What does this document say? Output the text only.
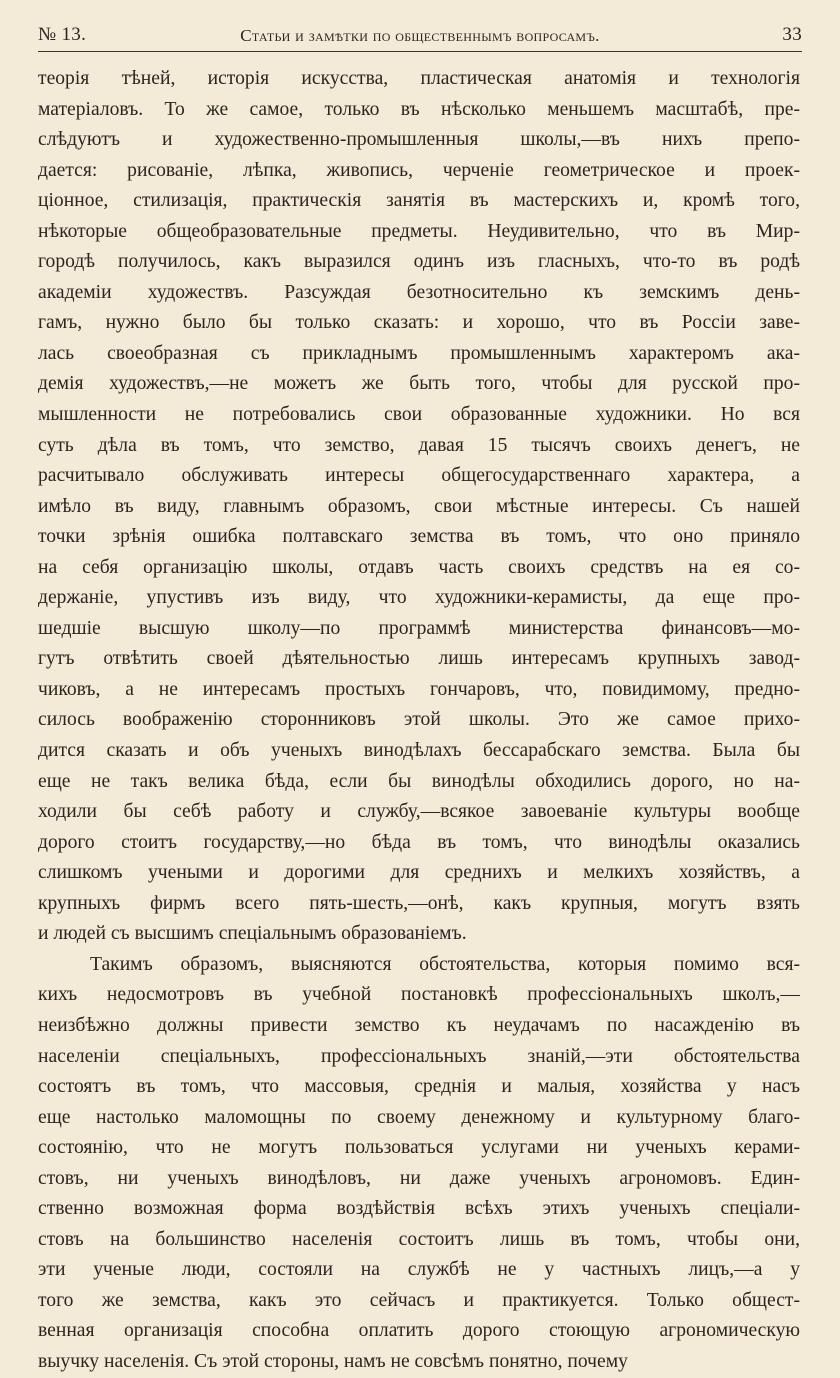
№ 13.	Статьи и замѣтки по общественнымъ вопросамъ.	33
теорія тѣней, исторія искусства, пластическая анатомія и технологія
матеріаловъ. То же самое, только въ нѣсколько меньшемъ масштабѣ, пре-
слѣдуютъ и художественно-промышленныя школы,—въ нихъ препо-
дается: рисованіе, лѣпка, живопись, черченіе геометрическое и проек-
ціонное, стилизація, практическія занятія въ мастерскихъ и, кромѣ того,
нѣкоторые общеобразовательные предметы. Неудивительно, что въ Мир-
городѣ получилось, какъ выразился одинъ изъ гласныхъ, что-то въ родѣ
академіи художествъ. Разсуждая безотносительно къ земскимъ день-
гамъ, нужно было бы только сказать: и хорошо, что въ Россіи заве-
лась своеобразная съ прикладнымъ промышленнымъ характеромъ ака-
демія художествъ,—не можетъ же быть того, чтобы для русской про-
мышленности не потребовались свои образованные художники. Но вся
суть дѣла въ томъ, что земство, давая 15 тысячъ своихъ денегъ, не
расчитывало обслуживать интересы общегосударственнаго характера, а
имѣло въ виду, главнымъ образомъ, свои мѣстные интересы. Съ нашей
точки зрѣнія ошибка полтавскаго земства въ томъ, что оно приняло
на себя организацію школы, отдавъ часть своихъ средствъ на ея со-
держаніе, упустивъ изъ виду, что художники-керамисты, да еще про-
шедшіе высшую школу—по программѣ министерства финансовъ—мо-
гутъ отвѣтить своей дѣятельностью лишь интересамъ крупныхъ завод-
чиковъ, а не интересамъ простыхъ гончаровъ, что, повидимому, предно-
силось воображенію сторонниковъ этой школы. Это же самое прихо-
дится сказать и объ ученыхъ винодѣлахъ бессарабскаго земства. Была бы
еще не такъ велика бѣда, если бы винодѣлы обходились дорого, но на-
ходили бы себѣ работу и службу,—всякое завоеваніе культуры вообще
дорого стоитъ государству,—но бѣда въ томъ, что винодѣлы оказались
слишкомъ учеными и дорогими для среднихъ и мелкихъ хозяйствъ, а
крупныхъ фирмъ всего пять-шесть,—онѣ, какъ крупныя, могутъ взять
и людей съ высшимъ спеціальнымъ образованіемъ.
Такимъ образомъ, выясняются обстоятельства, которыя помимо вся-
кихъ недосмотровъ въ учебной постановкѣ профессіональныхъ школъ,—
неизбѣжно должны привести земство къ неудачамъ по насажденію въ
населеніи спеціальныхъ, профессіональныхъ знаній,—эти обстоятельства
состоятъ въ томъ, что массовыя, среднія и малыя, хозяйства у насъ
еще настолько маломощны по своему денежному и культурному благо-
состоянію, что не могутъ пользоваться услугами ни ученыхъ керами-
стовъ, ни ученыхъ винодѣловъ, ни даже ученыхъ агрономовъ. Един-
ственно возможная форма воздѣйствія всѣхъ этихъ ученыхъ спеціали-
стовъ на большинство населенія состоитъ лишь въ томъ, чтобы они,
эти ученые люди, состояли на службѣ не у частныхъ лицъ,—а у
того же земства, какъ это сейчасъ и практикуется. Только общест-
венная организація способна оплатить дорого стоющую агрономическую
выучку населенія. Съ этой стороны, намъ не совсѣмъ понятно, почему
